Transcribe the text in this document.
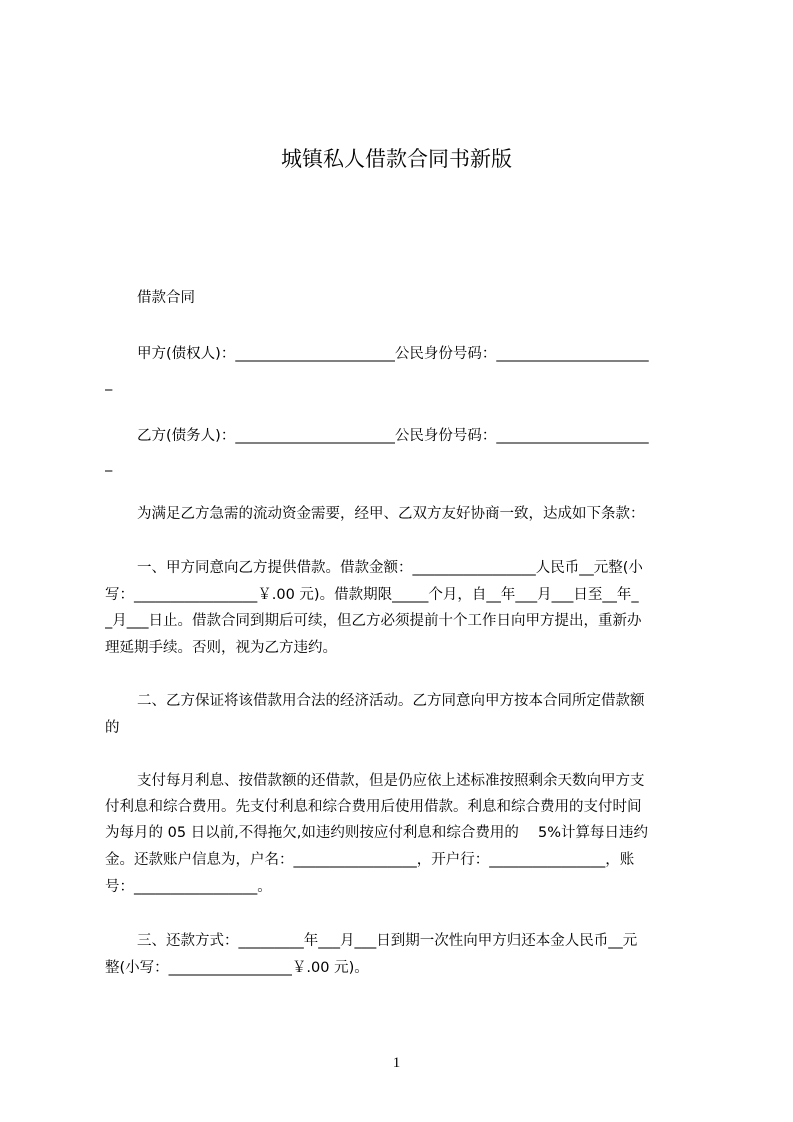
城镇私人借款合同书新版
借款合同
甲方(债权人)：______________________公民身份号码：_____________________
_
乙方(债务人)：______________________公民身份号码：_____________________
_
为满足乙方急需的流动资金需要，经甲、乙双方友好协商一致，达成如下条款：
一、甲方同意向乙方提供借款。借款金额：_________________人民币__元整(小
写：_________________￥.00 元)。借款期限_____个月，自__年___月___日至__年_
_月___日止。借款合同到期后可续，但乙方必须提前十个工作日向甲方提出，重新办
理延期手续。否则，视为乙方违约。
二、乙方保证将该借款用合法的经济活动。乙方同意向甲方按本合同所定借款额
的
支付每月利息、按借款额的还借款，但是仍应依上述标准按照剩余天数向甲方支
付利息和综合费用。先支付利息和综合费用后使用借款。利息和综合费用的支付时间
为每月的 05 日以前,不得拖欠,如违约则按应付利息和综合费用的　 5%计算每日违约
金。还款账户信息为，户名：_________________，开户行：________________，账
号：_________________。
三、还款方式：_________年___月___日到期一次性向甲方归还本金人民币__元
整(小写：_________________￥.00 元)。
1
